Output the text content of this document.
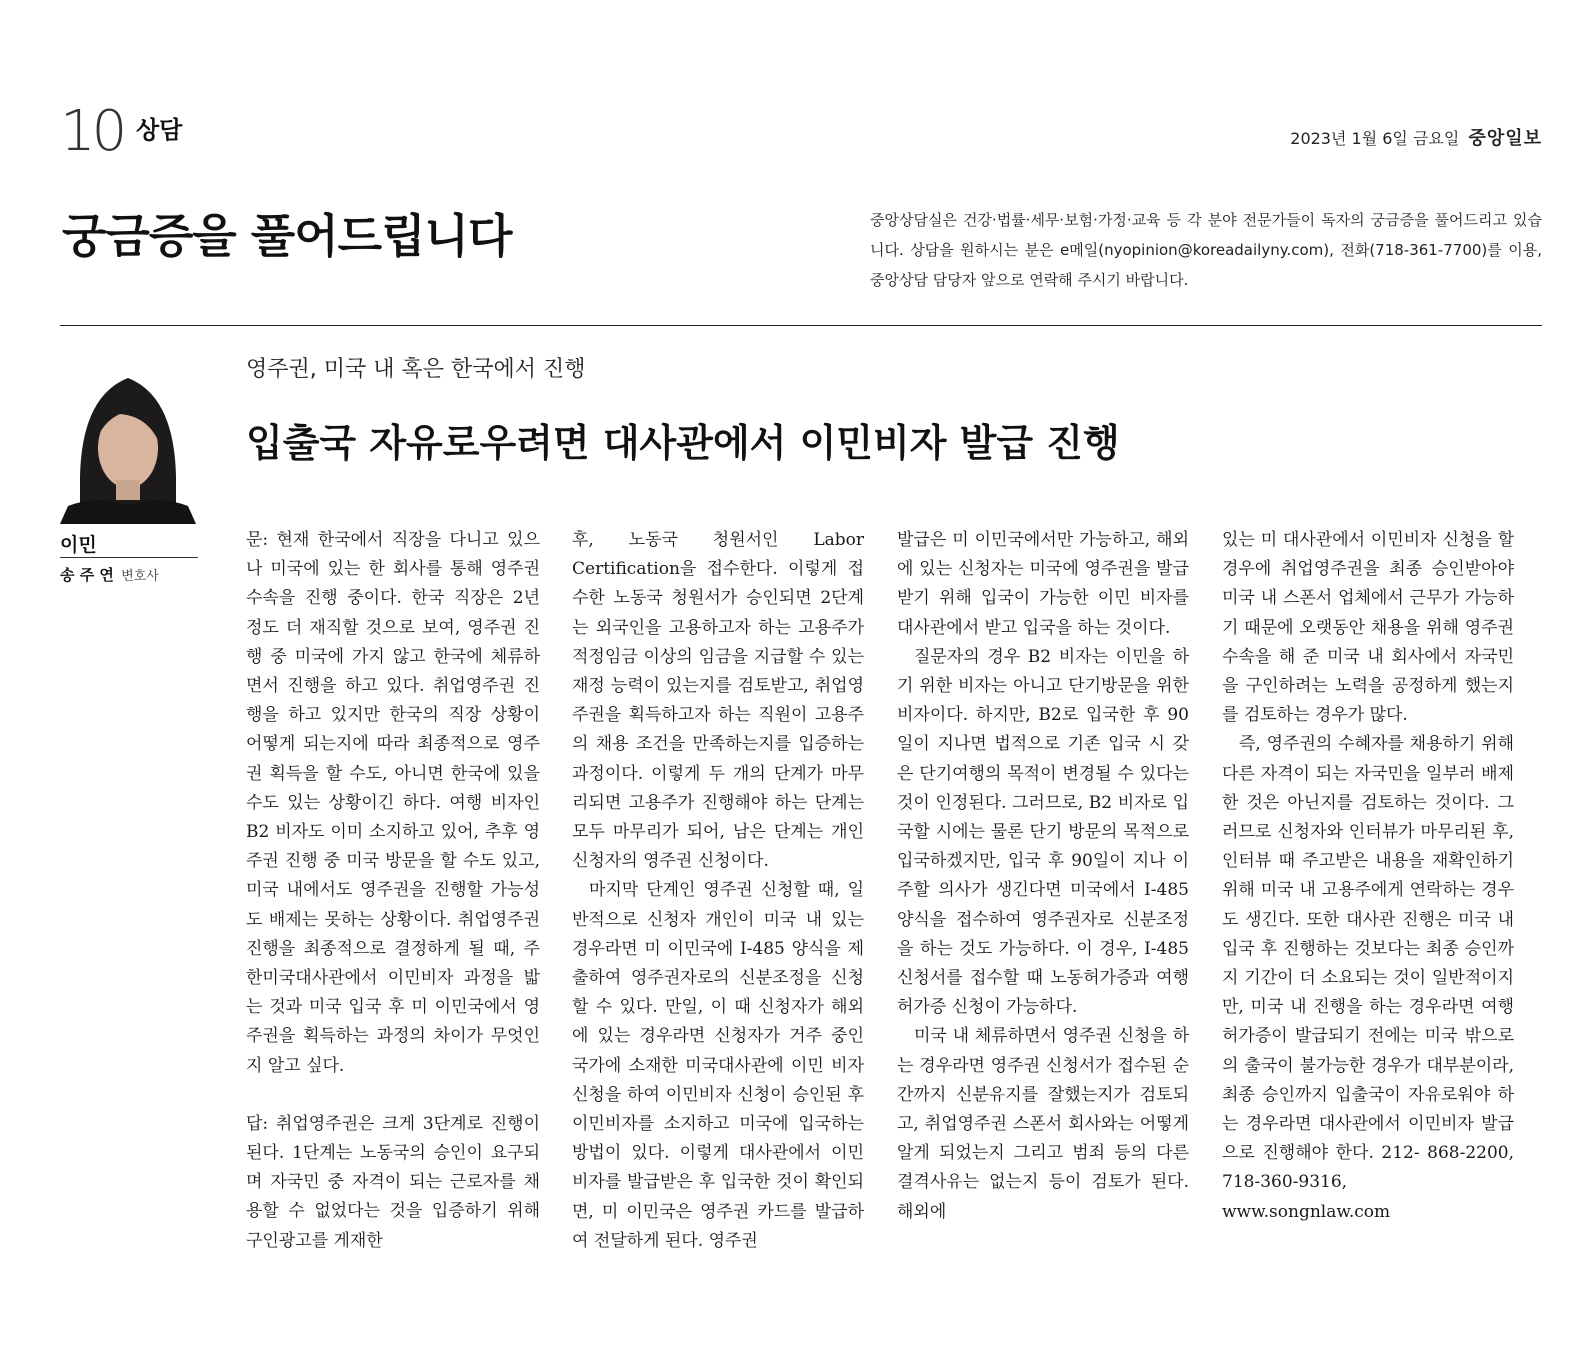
10 상담	2023년 1월 6일 금요일 중앙일보
궁금증을 풀어드립니다	중앙상담실은 건강·법률·세무·보험·가정·교육 등 각 분야 전문가들이 독자의 궁금증을 풀어드리고 있습니다. 상담을 원하시는 분은 e메일(nyopinion@koreadailyny.com), 전화(718-361-7700)를 이용, 중앙상담 담당자 앞으로 연락해 주시기 바랍니다.
이민
송 주 연 변호사
영주권, 미국 내 혹은 한국에서 진행
입출국 자유로우려면 대사관에서 이민비자 발급 진행

문: 현재 한국에서 직장을 다니고 있으나 미국에 있는 한 회사를 통해 영주권 수속을 진행 중이다. 한국 직장은 2년 정도 더 재직할 것으로 보여, 영주권 진행 중 미국에 가지 않고 한국에 체류하면서 진행을 하고 있다. 취업영주권 진행을 하고 있지만 한국의 직장 상황이 어떻게 되는지에 따라 최종적으로 영주권 획득을 할 수도, 아니면 한국에 있을 수도 있는 상황이긴 하다. 여행 비자인B2 비자도 이미 소지하고 있어, 추후 영주권 진행 중 미국 방문을 할 수도 있고, 미국 내에서도 영주권을 진행할 가능성도 배제는 못하는 상황이다. 취업영주권 진행을 최종적으로 결정하게 될 때, 주한미국대사관에서 이민비자 과정을 밟는 것과 미국 입국 후 미 이민국에서 영주권을 획득하는 과정의 차이가 무엇인지 알고 싶다.

답: 취업영주권은 크게 3단계로 진행이 된다. 1단계는 노동국의 승인이 요구되며 자국민 중 자격이 되는 근로자를 채용할 수 없었다는 것을 입증하기 위해 구인광고를 게재한

후, 노동국 청원서인 Labor Certification을 접수한다. 이렇게 접수한 노동국 청원서가 승인되면 2단계는 외국인을 고용하고자 하는 고용주가 적정임금 이상의 임금을 지급할 수 있는 재정 능력이 있는지를 검토받고, 취업영주권을 획득하고자 하는 직원이 고용주의 채용 조건을 만족하는지를 입증하는 과정이다. 이렇게 두 개의 단계가 마무리되면 고용주가 진행해야 하는 단계는 모두 마무리가 되어, 남은 단계는 개인 신청자의 영주권 신청이다.

마지막 단계인 영주권 신청할 때, 일반적으로 신청자 개인이 미국 내 있는 경우라면 미 이민국에 I-485 양식을 제출하여 영주권자로의 신분조정을 신청할 수 있다. 만일, 이 때 신청자가 해외에 있는 경우라면 신청자가 거주 중인 국가에 소재한 미국대사관에 이민 비자 신청을 하여 이민비자 신청이 승인된 후 이민비자를 소지하고 미국에 입국하는 방법이 있다. 이렇게 대사관에서 이민 비자를 발급받은 후 입국한 것이 확인되면, 미 이민국은 영주권 카드를 발급하여 전달하게 된다. 영주권

발급은 미 이민국에서만 가능하고, 해외에 있는 신청자는 미국에 영주권을 발급받기 위해 입국이 가능한 이민 비자를 대사관에서 받고 입국을 하는 것이다.

질문자의 경우 B2 비자는 이민을 하기 위한 비자는 아니고 단기방문을 위한 비자이다. 하지만, B2로 입국한 후 90일이 지나면 법적으로 기존 입국 시 갖은 단기여행의 목적이 변경될 수 있다는 것이 인정된다. 그러므로, B2 비자로 입국할 시에는 물론 단기 방문의 목적으로 입국하겠지만, 입국 후 90일이 지나 이주할 의사가 생긴다면 미국에서 I-485 양식을 접수하여 영주권자로 신분조정을 하는 것도 가능하다. 이 경우, I-485 신청서를 접수할 때 노동허가증과 여행허가증 신청이 가능하다.

미국 내 체류하면서 영주권 신청을 하는 경우라면 영주권 신청서가 접수된 순간까지 신분유지를 잘했는지가 검토되고, 취업영주권 스폰서 회사와는 어떻게 알게 되었는지 그리고 범죄 등의 다른 결격사유는 없는지 등이 검토가 된다. 해외에

있는 미 대사관에서 이민비자 신청을 할 경우에 취업영주권을 최종 승인받아야 미국 내 스폰서 업체에서 근무가 가능하기 때문에 오랫동안 채용을 위해 영주권 수속을 해 준 미국 내 회사에서 자국민을 구인하려는 노력을 공정하게 했는지를 검토하는 경우가 많다.

즉, 영주권의 수혜자를 채용하기 위해 다른 자격이 되는 자국민을 일부러 배제한 것은 아닌지를 검토하는 것이다. 그러므로 신청자와 인터뷰가 마무리된 후, 인터뷰 때 주고받은 내용을 재확인하기 위해 미국 내 고용주에게 연락하는 경우도 생긴다. 또한 대사관 진행은 미국 내 입국 후 진행하는 것보다는 최종 승인까지 기간이 더 소요되는 것이 일반적이지만, 미국 내 진행을 하는 경우라면 여행허가증이 발급되기 전에는 미국 밖으로의 출국이 불가능한 경우가 대부분이라, 최종 승인까지 입출국이 자유로워야 하는 경우라면 대사관에서 이민비자 발급으로 진행해야 한다. 212- 868-2200, 718-360-9316, www.songnlaw.com
